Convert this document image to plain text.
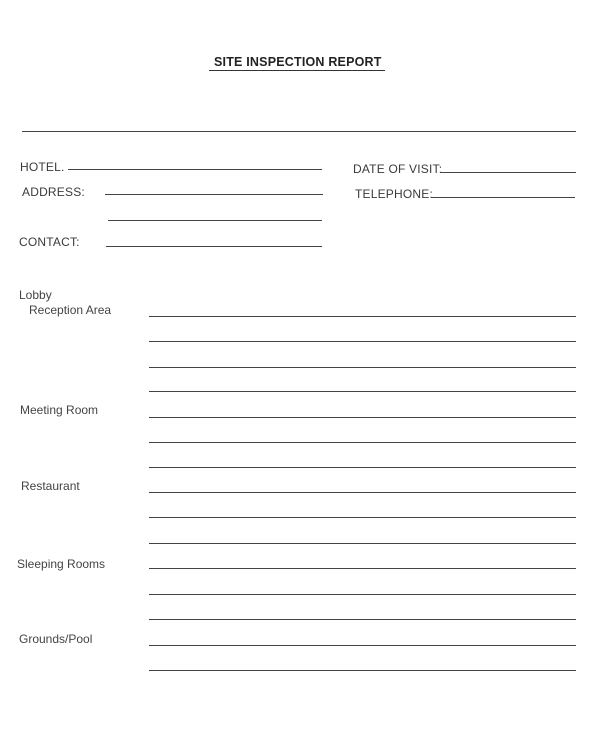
SITE INSPECTION REPORT
HOTEL.	DATE OF VISIT:
ADDRESS:	TELEPHONE:
CONTACT:
Lobby
Reception Area
Meeting Room
Restaurant
Sleeping Rooms
Grounds/Pool
